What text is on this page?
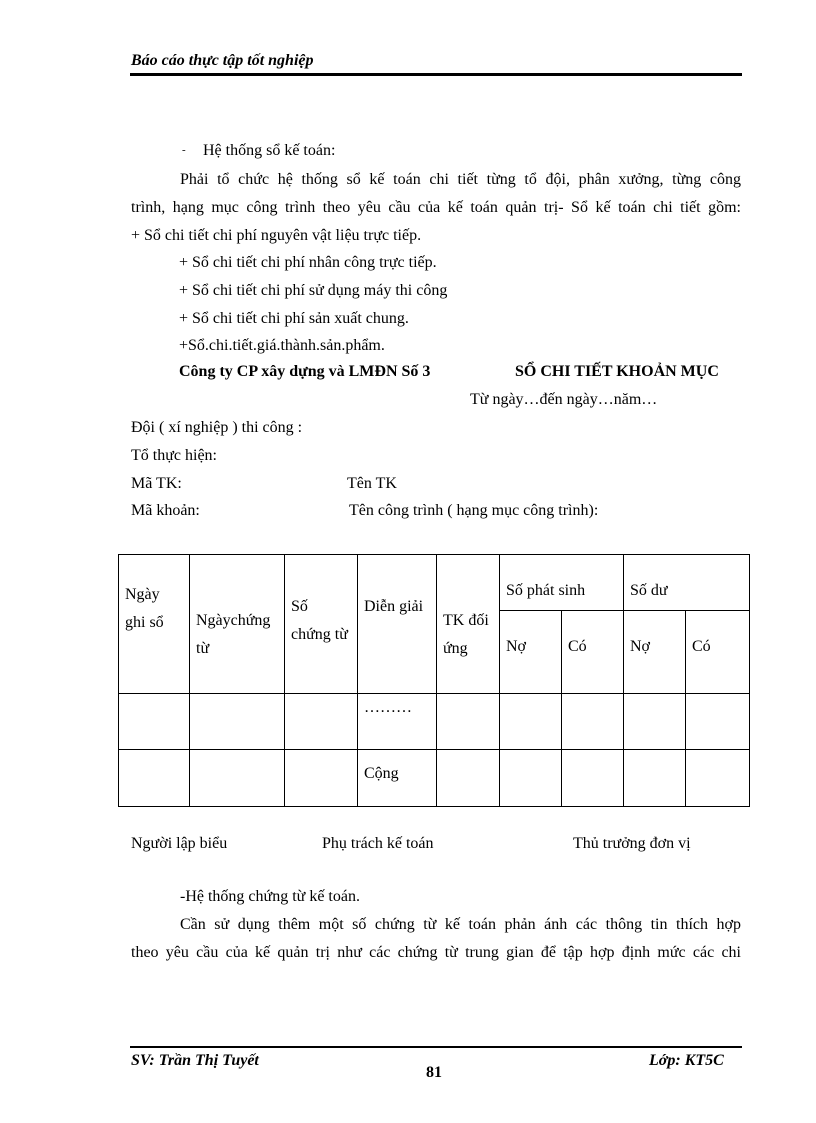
Báo cáo thực tập tốt nghiệp
- Hệ thống sổ kế toán:
Phải tổ chức hệ thống sổ kế toán chi tiết từng tổ đội, phân xưởng, từng công
trình, hạng mục công trình theo yêu cầu của kế toán quản trị- Sổ kế toán chi tiết gồm:
+ Sổ chi tiết chi phí nguyên vật liệu trực tiếp.
+ Sổ chi tiết chi phí nhân công trực tiếp.
+ Sổ chi tiết chi phí sử dụng máy thi công
+ Sổ chi tiết chi phí sản xuất chung.
+Sổ.chi.tiết.giá.thành.sản.phẩm.
Công ty CP xây dựng và LMĐN Số 3	SỔ CHI TIẾT KHOẢN MỤC
Từ ngày…đến ngày…năm…
Đội ( xí nghiệp ) thi công :
Tổ thực hiện:
Mã TK:	Tên TK
Mã khoản:	Tên công trình ( hạng mục công trình):
Ngày ghi sổ	Ngàychứng từ	Số chứng từ	Diễn giải	TK đối ứng	Số phát sinh		Số dư	
					Nợ	Có	Nợ	Có
			………					
			Cộng					
Người lập biểu	Phụ trách kế toán	Thủ trưởng đơn vị
-Hệ thống chứng từ kế toán.
Cần sử dụng thêm một số chứng từ kế toán phản ánh các thông tin thích hợp
theo yêu cầu của kế quản trị như các chứng từ trung gian để tập hợp định mức các chi
SV: Trần Thị Tuyết
81
Lớp: KT5C
